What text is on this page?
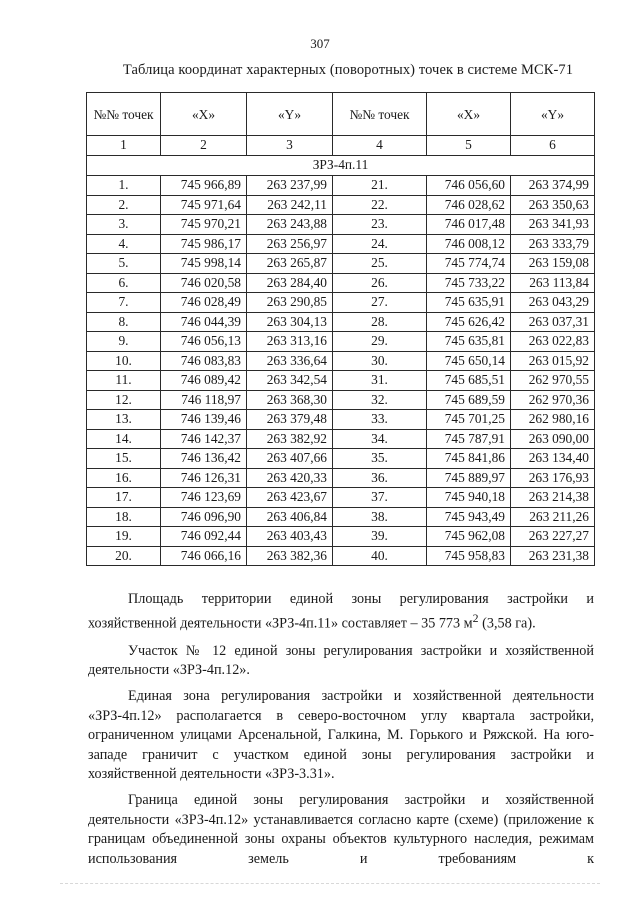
307
Таблица координат характерных (поворотных) точек в системе МСК-71
№№ точек	«X»	«Y»	№№ точек	«X»	«Y»
1	2	3	4	5	6
ЗРЗ-4п.11					
1.	745 966,89	263 237,99	21.	746 056,60	263 374,99
2.	745 971,64	263 242,11	22.	746 028,62	263 350,63
3.	745 970,21	263 243,88	23.	746 017,48	263 341,93
4.	745 986,17	263 256,97	24.	746 008,12	263 333,79
5.	745 998,14	263 265,87	25.	745 774,74	263 159,08
6.	746 020,58	263 284,40	26.	745 733,22	263 113,84
7.	746 028,49	263 290,85	27.	745 635,91	263 043,29
8.	746 044,39	263 304,13	28.	745 626,42	263 037,31
9.	746 056,13	263 313,16	29.	745 635,81	263 022,83
10.	746 083,83	263 336,64	30.	745 650,14	263 015,92
11.	746 089,42	263 342,54	31.	745 685,51	262 970,55
12.	746 118,97	263 368,30	32.	745 689,59	262 970,36
13.	746 139,46	263 379,48	33.	745 701,25	262 980,16
14.	746 142,37	263 382,92	34.	745 787,91	263 090,00
15.	746 136,42	263 407,66	35.	745 841,86	263 134,40
16.	746 126,31	263 420,33	36.	745 889,97	263 176,93
17.	746 123,69	263 423,67	37.	745 940,18	263 214,38
18.	746 096,90	263 406,84	38.	745 943,49	263 211,26
19.	746 092,44	263 403,43	39.	745 962,08	263 227,27
20.	746 066,16	263 382,36	40.	745 958,83	263 231,38

Площадь территории единой зоны регулирования застройки и хозяйственной деятельности «ЗРЗ-4п.11» составляет – 35 773 $м^2$ (3,58 га).

Участок № 12 единой зоны регулирования застройки и хозяйственной деятельности «ЗРЗ-4п.12».

Единая зона регулирования застройки и хозяйственной деятельности «ЗРЗ-4п.12» располагается в северо-восточном углу квартала застройки, ограниченном улицами Арсенальной, Галкина, М. Горького и Ряжской. На юго-западе граничит с участком единой зоны регулирования застройки и хозяйственной деятельности «ЗРЗ-3.31».

Граница единой зоны регулирования застройки и хозяйственной деятельности «ЗРЗ-4п.12» устанавливается согласно карте (схеме) (приложение к границам объединенной зоны охраны объектов культурного наследия, режимам использования земель и требованиям к
